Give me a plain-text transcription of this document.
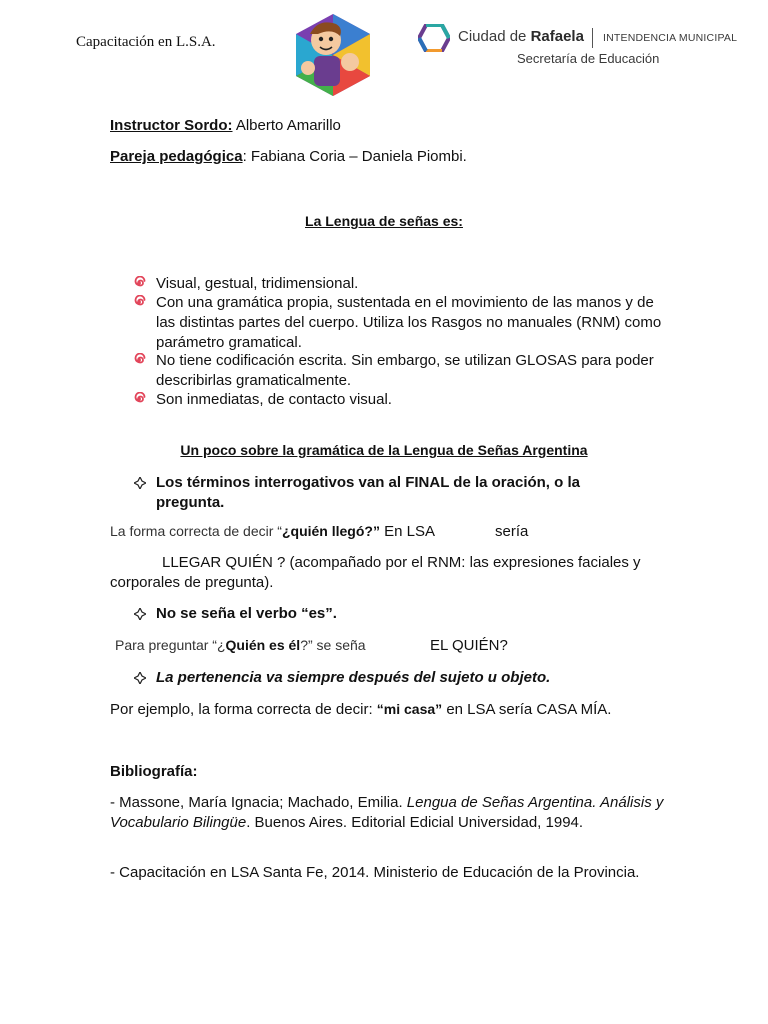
Capacitación en L.S.A.	Ciudad de Rafaela INTENDENCIA MUNICIPAL
Secretaría de Educación
Instructor Sordo: Alberto Amarillo
Pareja pedagógica: Fabiana Coria – Daniela Piombi.
La Lengua de señas es:
Visual, gestual, tridimensional.
Con una gramática propia, sustentada en el movimiento de las manos y de las distintas partes del cuerpo. Utiliza los Rasgos no manuales (RNM) como parámetro gramatical.
No tiene codificación escrita. Sin embargo, se utilizan GLOSAS para poder describirlas gramaticalmente.
Son inmediatas, de contacto visual.
Un poco sobre la gramática de la Lengua de Señas Argentina
Los términos interrogativos van al FINAL de la oración, o la pregunta.
La forma correcta de decir “¿quién llegó?” En LSA	sería
LLEGAR QUIÉN ? (acompañado por el RNM: las expresiones faciales y corporales de pregunta).
No se seña el verbo “es”.
Para preguntar “¿Quién es él?” se seña	EL QUIÉN?
La pertenencia va siempre después del sujeto u objeto.
Por ejemplo, la forma correcta de decir: “mi casa” en LSA sería CASA MÍA.
Bibliografía:
- Massone, María Ignacia; Machado, Emilia. Lengua de Señas Argentina. Análisis y Vocabulario Bilingüe. Buenos Aires. Editorial Edicial Universidad, 1994.
- Capacitación en LSA Santa Fe, 2014. Ministerio de Educación de la Provincia.
